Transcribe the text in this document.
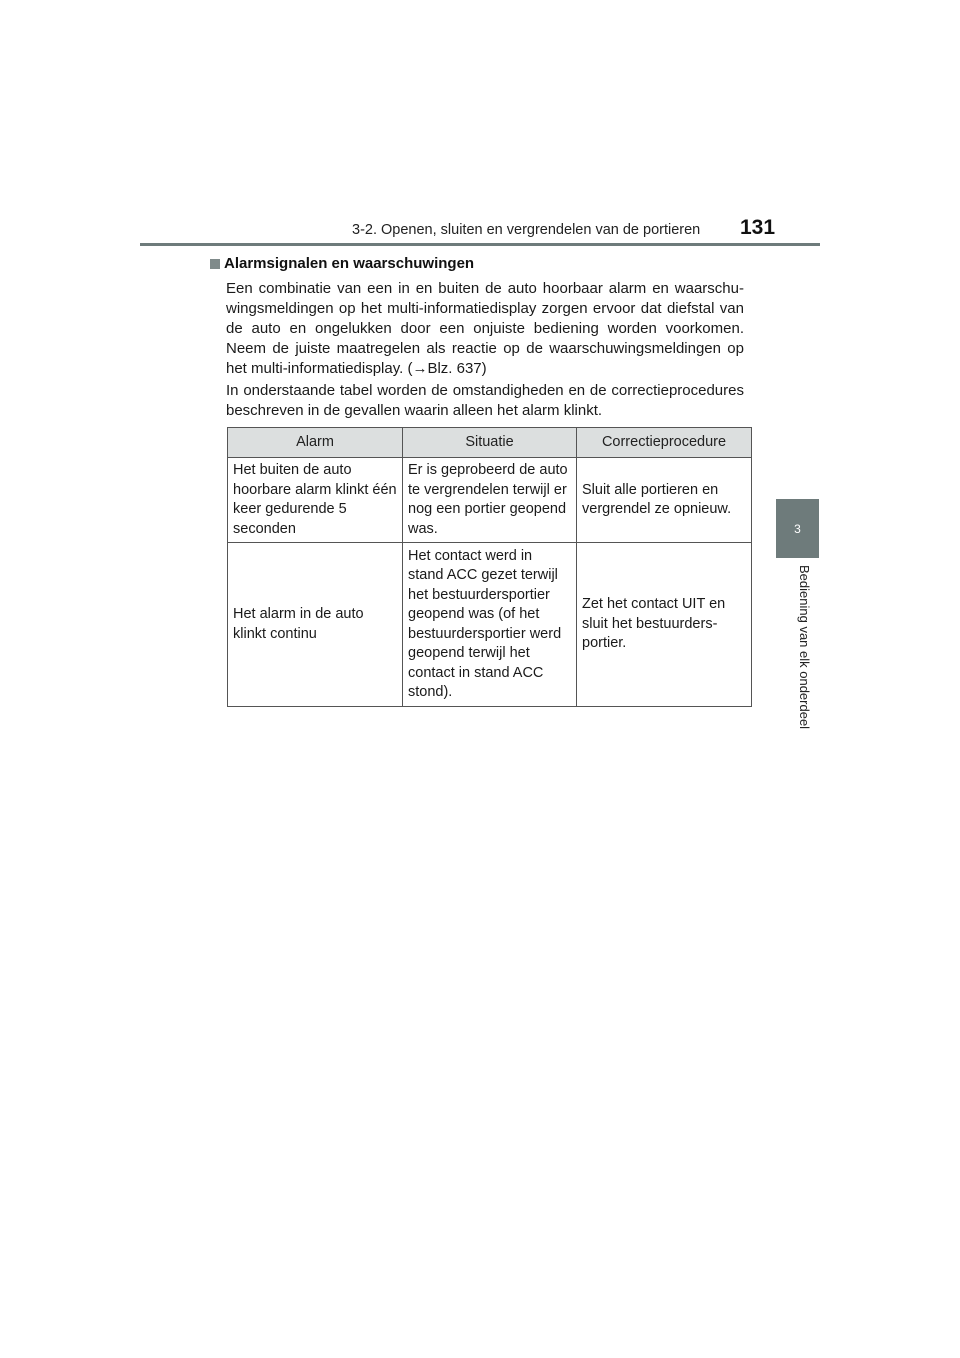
3-2. Openen, sluiten en vergrendelen van de portieren 131
3
Bediening van elk onderdeel
Alarmsignalen en waarschuwingen

Een combinatie van een in en buiten de auto hoorbaar alarm en waarschu-wingsmeldingen op het multi-informatiedisplay zorgen ervoor dat diefstal van de auto en ongelukken door een onjuiste bediening worden voorkomen. Neem de juiste maatregelen als reactie op de waarschuwingsmeldingen op het multi-informatiedisplay. (→Blz. 637)

In onderstaande tabel worden de omstandigheden en de correctieprocedures beschreven in de gevallen waarin alleen het alarm klinkt.

Alarm	Situatie	Correctieprocedure
Het buiten de auto hoorbare alarm klinkt één keer gedurende 5 seconden	Er is geprobeerd de auto te vergrendelen terwijl er nog een portier geopend was.	Sluit alle portieren en vergrendel ze opnieuw.
Het alarm in de auto klinkt continu	Het contact werd in stand ACC gezet terwijl het bestuurdersportier geopend was (of het bestuurdersportier werd geopend terwijl het contact in stand ACC stond).	Zet het contact UIT en sluit het bestuurders-portier.
